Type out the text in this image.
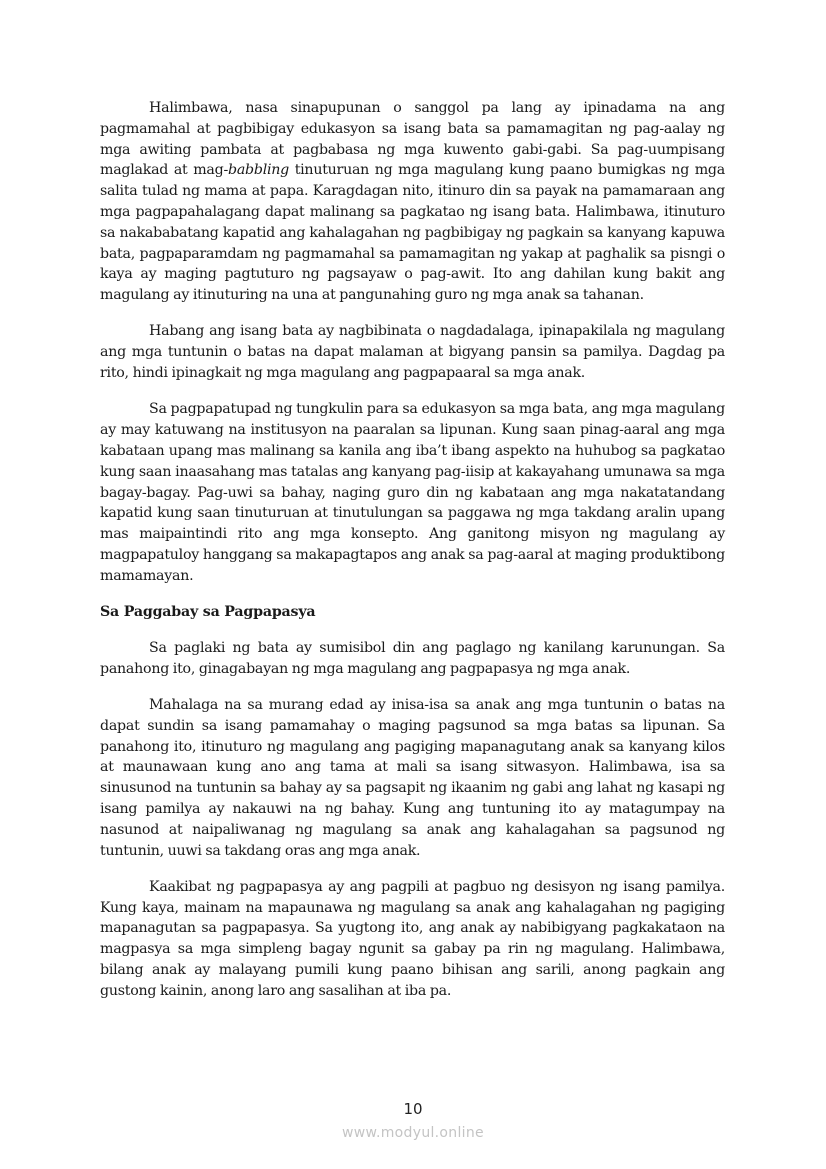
Halimbawa, nasa sinapupunan o sanggol pa lang ay ipinadama na ang pagmamahal at pagbibigay edukasyon sa isang bata sa pamamagitan ng pag-aalay ng mga awiting pambata at pagbabasa ng mga kuwento gabi-gabi. Sa pag-uumpisang maglakad at mag-babbling tinuturuan ng mga magulang kung paano bumigkas ng mga salita tulad ng mama at papa. Karagdagan nito, itinuro din sa payak na pamamaraan ang mga pagpapahalagang dapat malinang sa pagkatao ng isang bata. Halimbawa, itinuturo sa nakababatang kapatid ang kahalagahan ng pagbibigay ng pagkain sa kanyang kapuwa bata, pagpaparamdam ng pagmamahal sa pamamagitan ng yakap at paghalik sa pisngi o kaya ay maging pagtuturo ng pagsayaw o pag-awit. Ito ang dahilan kung bakit ang magulang ay itinuturing na una at pangunahing guro ng mga anak sa tahanan.

Habang ang isang bata ay nagbibinata o nagdadalaga, ipinapakilala ng magulang ang mga tuntunin o batas na dapat malaman at bigyang pansin sa pamilya. Dagdag pa rito, hindi ipinagkait ng mga magulang ang pagpapaaral sa mga anak.

Sa pagpapatupad ng tungkulin para sa edukasyon sa mga bata, ang mga magulang ay may katuwang na institusyon na paaralan sa lipunan. Kung saan pinag-aaral ang mga kabataan upang mas malinang sa kanila ang iba’t ibang aspekto na huhubog sa pagkatao kung saan inaasahang mas tatalas ang kanyang pag-iisip at kakayahang umunawa sa mga bagay-bagay. Pag-uwi sa bahay, naging guro din ng kabataan ang mga nakatatandang kapatid kung saan tinuturuan at tinutulungan sa paggawa ng mga takdang aralin upang mas maipaintindi rito ang mga konsepto. Ang ganitong misyon ng magulang ay magpapatuloy hanggang sa makapagtapos ang anak sa pag-aaral at maging produktibong mamamayan.

Sa Paggabay sa Pagpapasya

Sa paglaki ng bata ay sumisibol din ang paglago ng kanilang karunungan. Sa panahong ito, ginagabayan ng mga magulang ang pagpapasya ng mga anak.

Mahalaga na sa murang edad ay inisa-isa sa anak ang mga tuntunin o batas na dapat sundin sa isang pamamahay o maging pagsunod sa mga batas sa lipunan. Sa panahong ito, itinuturo ng magulang ang pagiging mapanagutang anak sa kanyang kilos at maunawaan kung ano ang tama at mali sa isang sitwasyon. Halimbawa, isa sa sinusunod na tuntunin sa bahay ay sa pagsapit ng ikaanim ng gabi ang lahat ng kasapi ng isang pamilya ay nakauwi na ng bahay. Kung ang tuntuning ito ay matagumpay na nasunod at naipaliwanag ng magulang sa anak ang kahalagahan sa pagsunod ng tuntunin, uuwi sa takdang oras ang mga anak.

Kaakibat ng pagpapasya ay ang pagpili at pagbuo ng desisyon ng isang pamilya. Kung kaya, mainam na mapaunawa ng magulang sa anak ang kahalagahan ng pagiging mapanagutan sa pagpapasya. Sa yugtong ito, ang anak ay nabibigyang pagkakataon na magpasya sa mga simpleng bagay ngunit sa gabay pa rin ng magulang. Halimbawa, bilang anak ay malayang pumili kung paano bihisan ang sarili, anong pagkain ang gustong kainin, anong laro ang sasalihan at iba pa.

10
www.modyul.online
